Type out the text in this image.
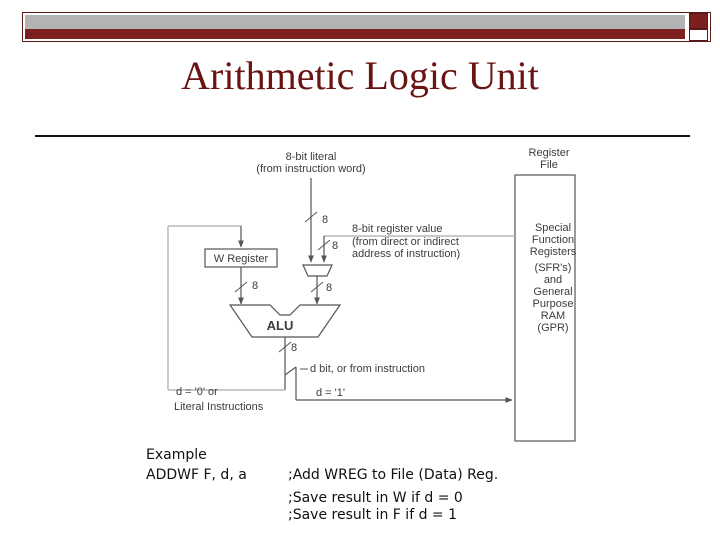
Arithmetic Logic Unit
Register
File
Special
Function
Registers
(SFR's)
and
General
Purpose
RAM
(GPR)
8-bit literal
(from instruction word)
8
8
8-bit register value
(from direct or indirect
address of instruction)
8
W Register
8
ALU
8
d bit, or from instruction
d = '0' or
Literal Instructions
d = '1'
Example
ADDWF F, d, a	;Add WREG to File (Data) Reg.
;Save result in W if d = 0
;Save result in F if d = 1
